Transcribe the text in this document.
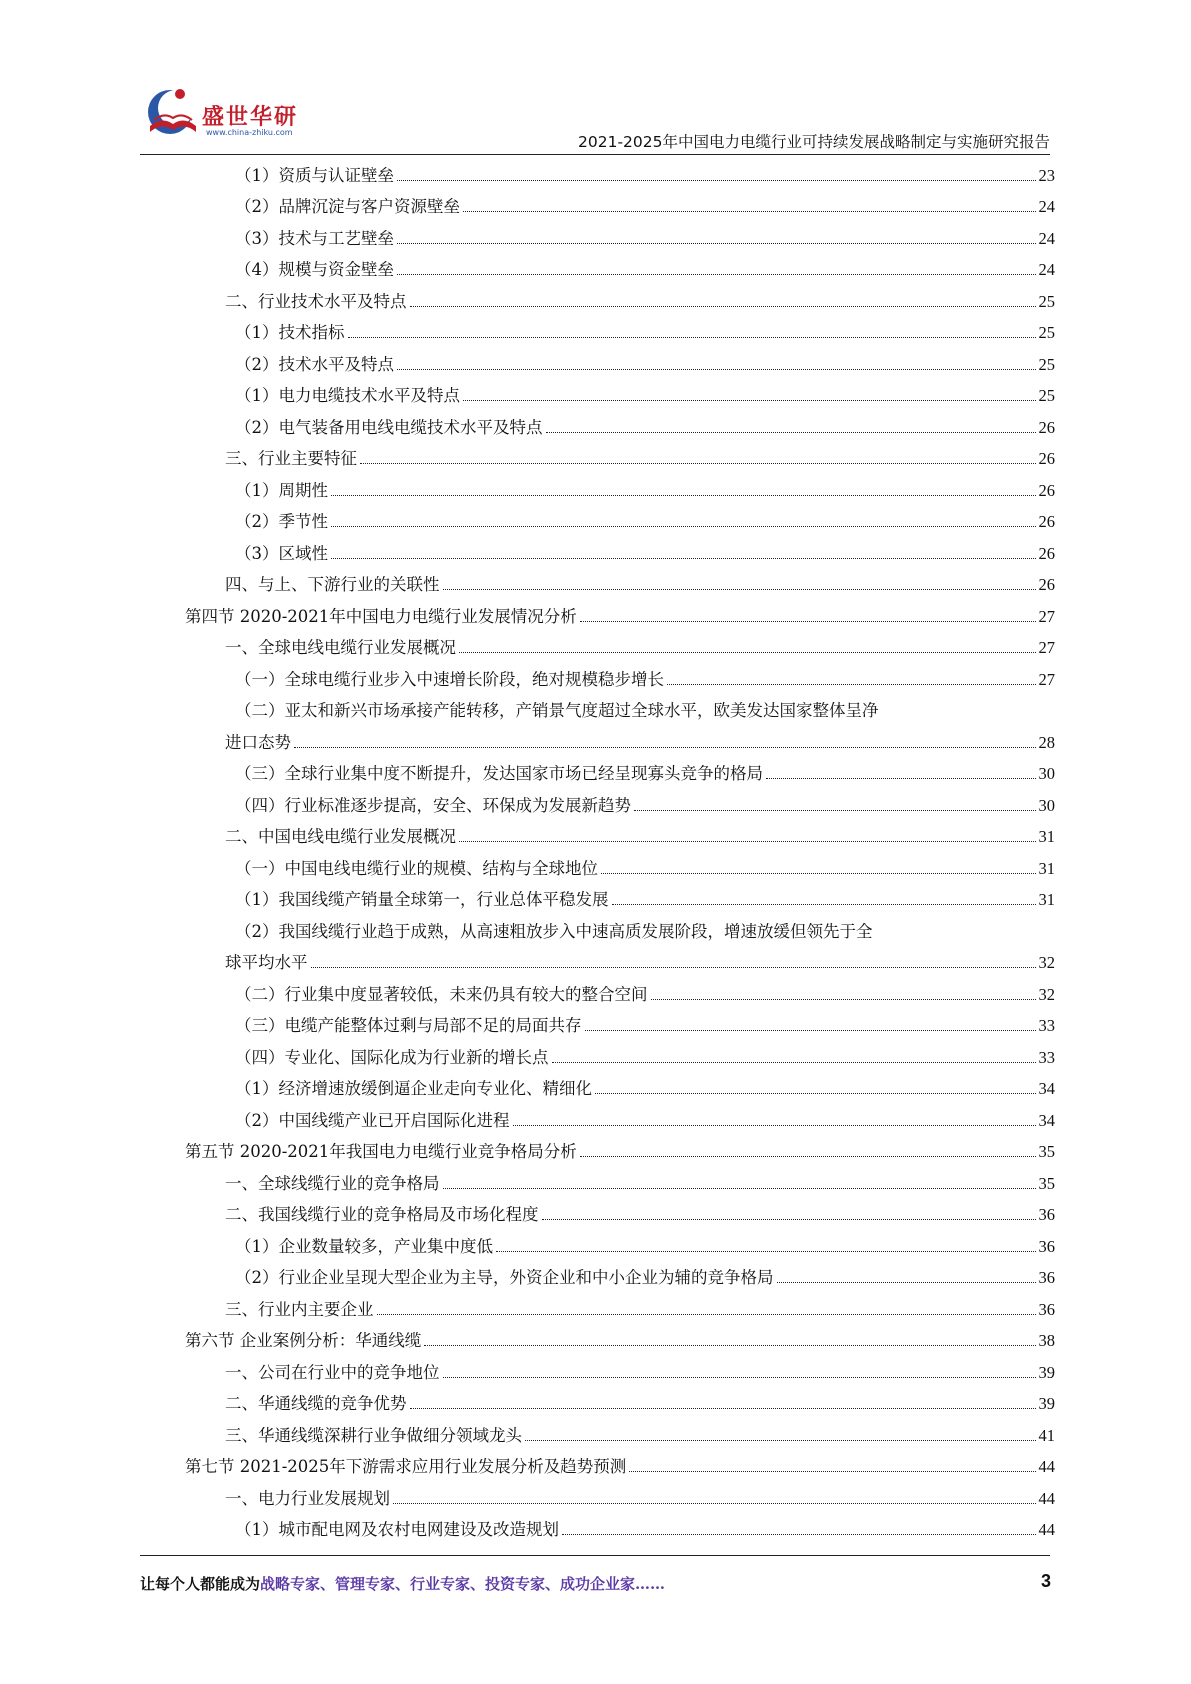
盛世华研
www.china-zhiku.com
2021-2025年中国电力电缆行业可持续发展战略制定与实施研究报告
（1）资质与认证壁垒	23
（2）品牌沉淀与客户资源壁垒	24
（3）技术与工艺壁垒	24
（4）规模与资金壁垒	24
二、行业技术水平及特点	25
（1）技术指标	25
（2）技术水平及特点	25
（1）电力电缆技术水平及特点	25
（2）电气装备用电线电缆技术水平及特点	26
三、行业主要特征	26
（1）周期性	26
（2）季节性	26
（3）区域性	26
四、与上、下游行业的关联性	26
第四节 2020-2021年中国电力电缆行业发展情况分析	27
一、全球电线电缆行业发展概况	27
（一）全球电缆行业步入中速增长阶段，绝对规模稳步增长	27
（二）亚太和新兴市场承接产能转移，产销景气度超过全球水平，欧美发达国家整体呈净
进口态势	28
（三）全球行业集中度不断提升，发达国家市场已经呈现寡头竞争的格局	30
（四）行业标准逐步提高，安全、环保成为发展新趋势	30
二、中国电线电缆行业发展概况	31
（一）中国电线电缆行业的规模、结构与全球地位	31
（1）我国线缆产销量全球第一，行业总体平稳发展	31
（2）我国线缆行业趋于成熟，从高速粗放步入中速高质发展阶段，增速放缓但领先于全
球平均水平	32
（二）行业集中度显著较低，未来仍具有较大的整合空间	32
（三）电缆产能整体过剩与局部不足的局面共存	33
（四）专业化、国际化成为行业新的增长点	33
（1）经济增速放缓倒逼企业走向专业化、精细化	34
（2）中国线缆产业已开启国际化进程	34
第五节 2020-2021年我国电力电缆行业竞争格局分析	35
一、全球线缆行业的竞争格局	35
二、我国线缆行业的竞争格局及市场化程度	36
（1）企业数量较多，产业集中度低	36
（2）行业企业呈现大型企业为主导，外资企业和中小企业为辅的竞争格局	36
三、行业内主要企业	36
第六节 企业案例分析：华通线缆	38
一、公司在行业中的竞争地位	39
二、华通线缆的竞争优势	39
三、华通线缆深耕行业争做细分领域龙头	41
第七节 2021-2025年下游需求应用行业发展分析及趋势预测	44
一、电力行业发展规划	44
（1）城市配电网及农村电网建设及改造规划	44
让每个人都能成为战略专家、管理专家、行业专家、投资专家、成功企业家……	3
